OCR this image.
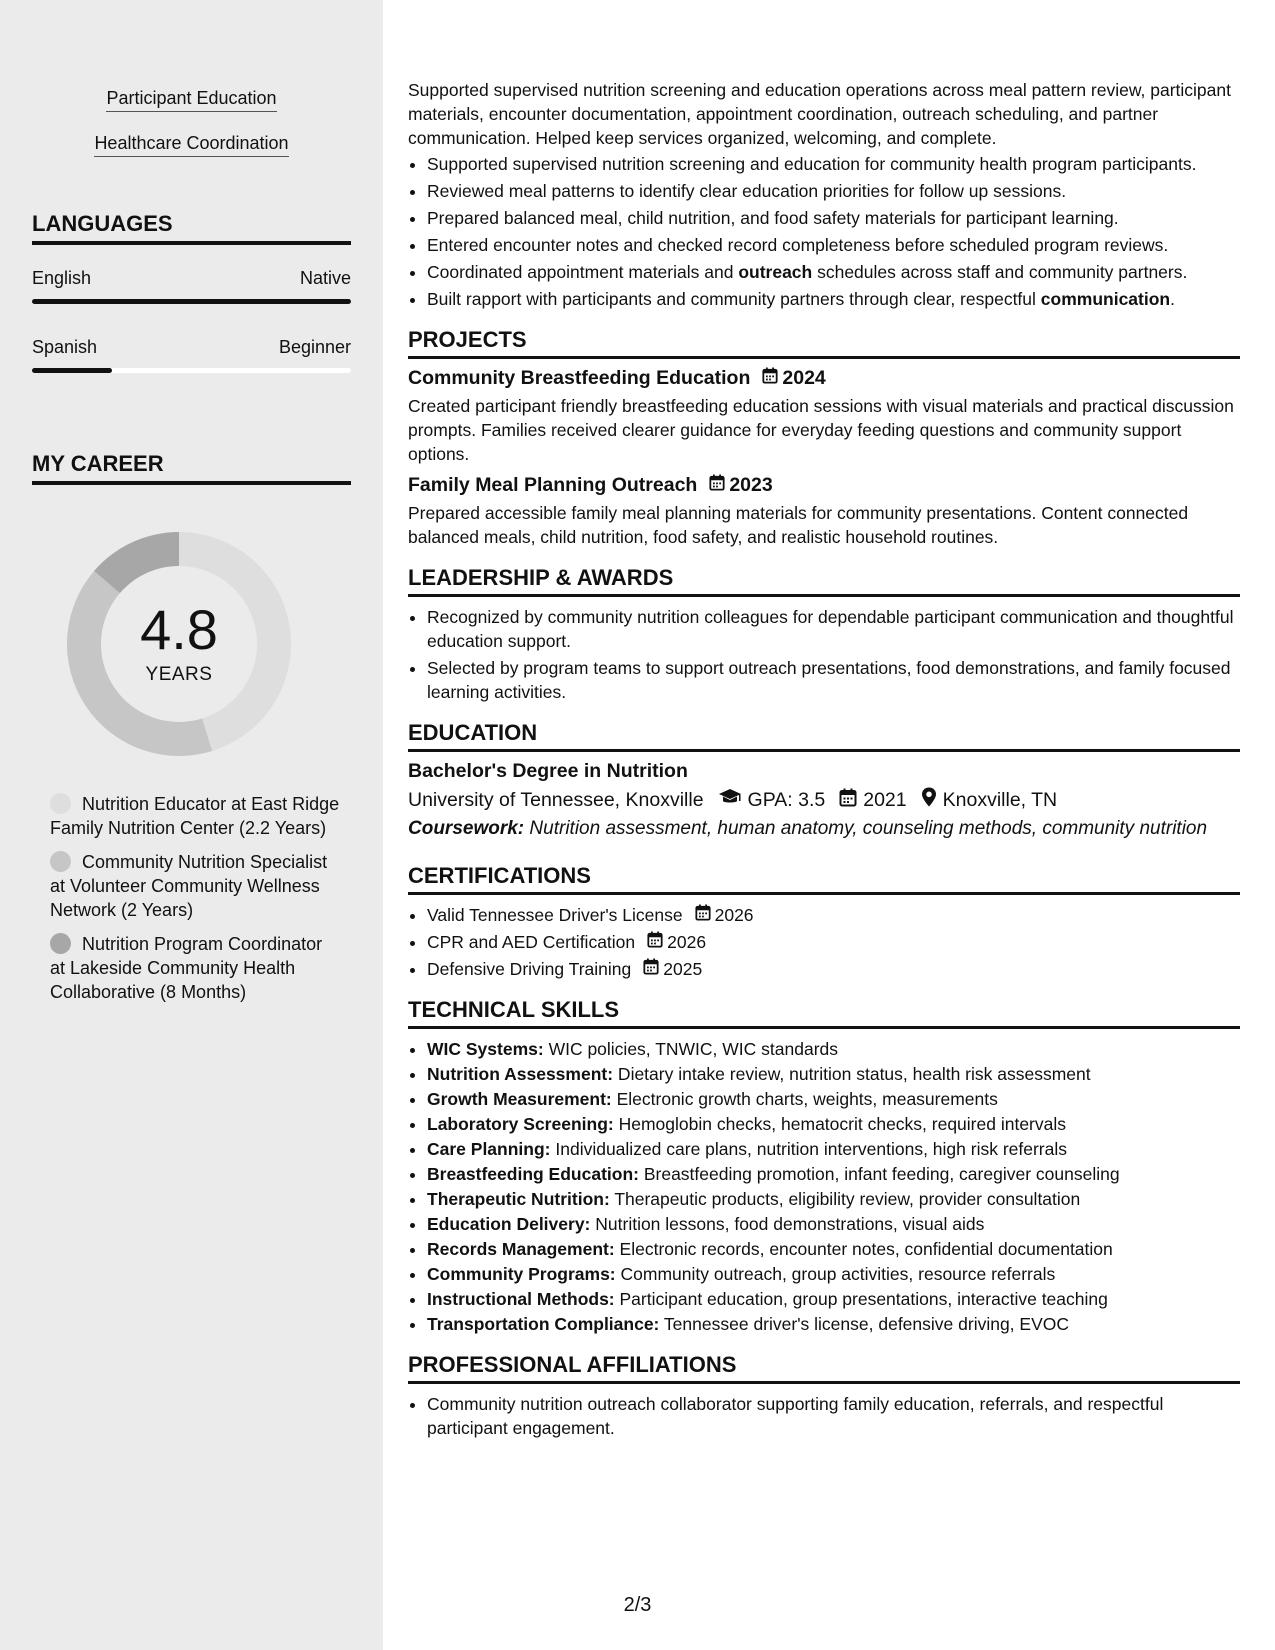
Participant Education
Healthcare Coordination
LANGUAGES
English	Native
Spanish	Beginner
MY CAREER
4.8
YEARS
Nutrition Educator at East Ridge Family Nutrition Center (2.2 Years)
Community Nutrition Specialist at Volunteer Community Wellness Network (2 Years)
Nutrition Program Coordinator at Lakeside Community Health Collaborative (8 Months)

Supported supervised nutrition screening and education operations across meal pattern review, participant materials, encounter documentation, appointment coordination, outreach scheduling, and partner communication. Helped keep services organized, welcoming, and complete.

• Supported supervised nutrition screening and education for community health program participants.
• Reviewed meal patterns to identify clear education priorities for follow up sessions.
• Prepared balanced meal, child nutrition, and food safety materials for participant learning.
• Entered encounter notes and checked record completeness before scheduled program reviews.
• Coordinated appointment materials and outreach schedules across staff and community partners.
• Built rapport with participants and community partners through clear, respectful communication.
PROJECTS
Community Breastfeeding Education 2024

Created participant friendly breastfeeding education sessions with visual materials and practical discussion prompts. Families received clearer guidance for everyday feeding questions and community support options.

Family Meal Planning Outreach 2023

Prepared accessible family meal planning materials for community presentations. Content connected balanced meals, child nutrition, food safety, and realistic household routines.

LEADERSHIP & AWARDS
• Recognized by community nutrition colleagues for dependable participant communication and thoughtful education support.
• Selected by program teams to support outreach presentations, food demonstrations, and family focused learning activities.
EDUCATION
Bachelor's Degree in Nutrition
University of Tennessee, Knoxville GPA: 3.5 2021 Knoxville, TN

Coursework: Nutrition assessment, human anatomy, counseling methods, community nutrition

CERTIFICATIONS
• Valid Tennessee Driver's License 2026
• CPR and AED Certification 2026
• Defensive Driving Training 2025
TECHNICAL SKILLS
• WIC Systems: WIC policies, TNWIC, WIC standards
• Nutrition Assessment: Dietary intake review, nutrition status, health risk assessment
• Growth Measurement: Electronic growth charts, weights, measurements
• Laboratory Screening: Hemoglobin checks, hematocrit checks, required intervals
• Care Planning: Individualized care plans, nutrition interventions, high risk referrals
• Breastfeeding Education: Breastfeeding promotion, infant feeding, caregiver counseling
• Therapeutic Nutrition: Therapeutic products, eligibility review, provider consultation
• Education Delivery: Nutrition lessons, food demonstrations, visual aids
• Records Management: Electronic records, encounter notes, confidential documentation
• Community Programs: Community outreach, group activities, resource referrals
• Instructional Methods: Participant education, group presentations, interactive teaching
• Transportation Compliance: Tennessee driver's license, defensive driving, EVOC
PROFESSIONAL AFFILIATIONS
• Community nutrition outreach collaborator supporting family education, referrals, and respectful participant engagement.
2/3
